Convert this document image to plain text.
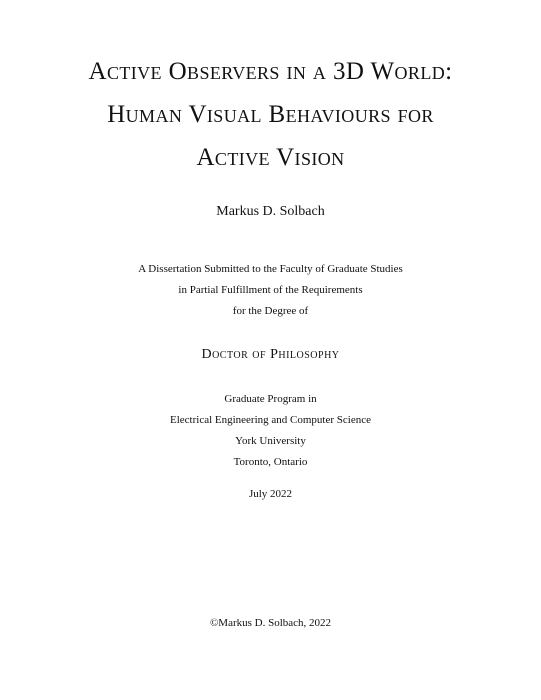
Active Observers in a 3D World:
Human Visual Behaviours for
Active Vision

Markus D. Solbach

A Dissertation Submitted to the Faculty of Graduate Studies

in Partial Fulfillment of the Requirements

for the Degree of

Doctor of Philosophy

Graduate Program in

Electrical Engineering and Computer Science

York University

Toronto, Ontario

July 2022

©Markus D. Solbach, 2022
